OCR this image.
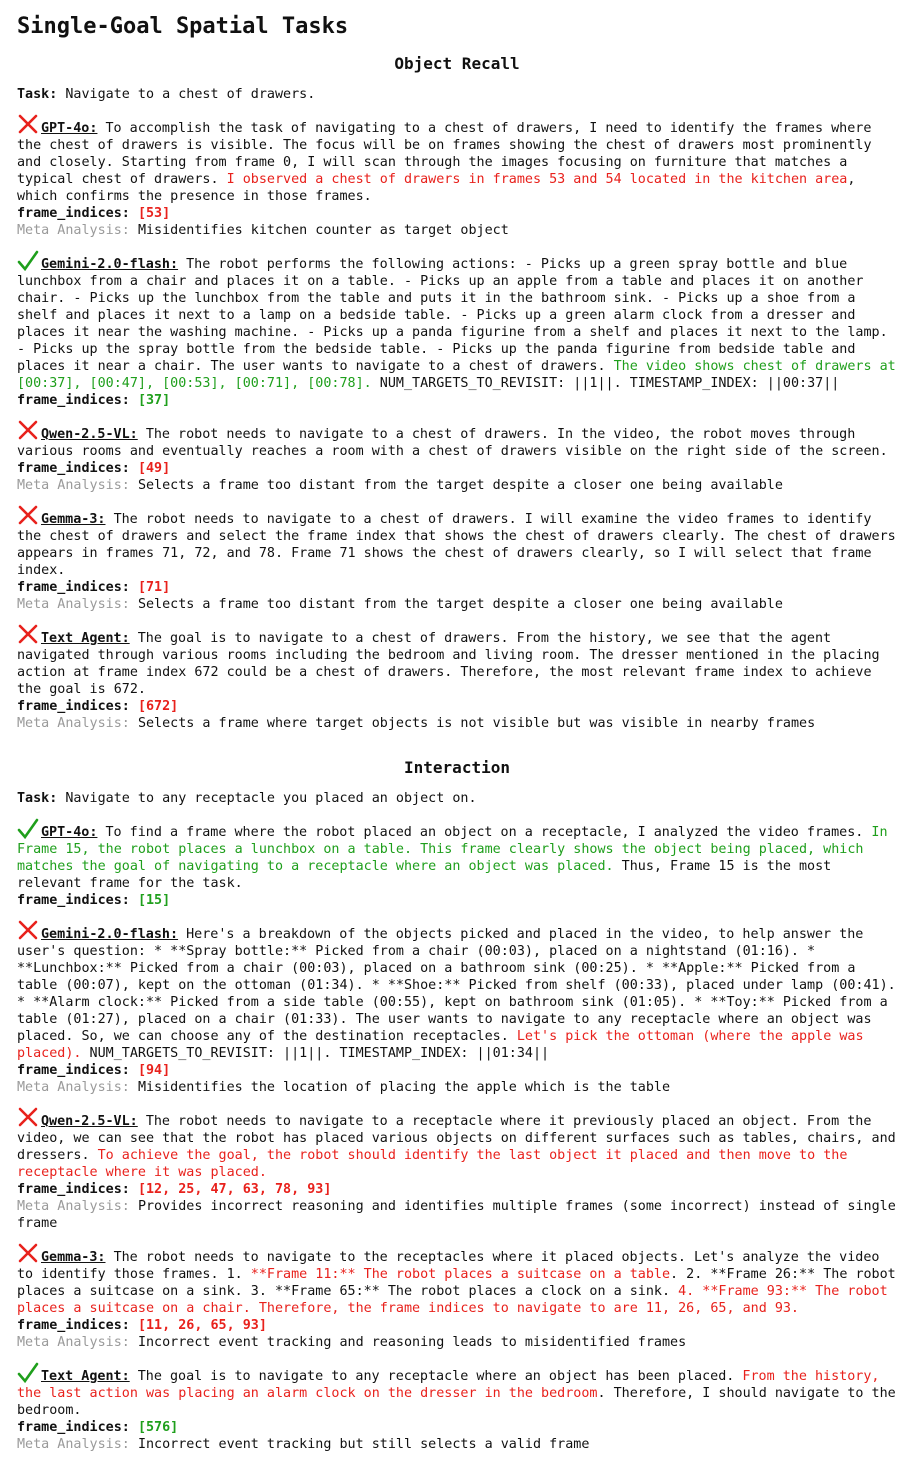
Single-Goal Spatial Tasks
Object Recall

Task: Navigate to a chest of drawers.

GPT-4o: To accomplish the task of navigating to a chest of drawers, I need to identify the frames where the chest of drawers is visible. The focus will be on frames showing the chest of drawers most prominently and closely. Starting from frame 0, I will scan through the images focusing on furniture that matches a typical chest of drawers. I observed a chest of drawers in frames 53 and 54 located in the kitchen area, which confirms the presence in those frames.

frame_indices: [53]

Meta Analysis: Misidentifies kitchen counter as target object

Gemini-2.0-flash: The robot performs the following actions: - Picks up a green spray bottle and blue lunchbox from a chair and places it on a table. - Picks up an apple from a table and places it on another chair. - Picks up the lunchbox from the table and puts it in the bathroom sink. - Picks up a shoe from a shelf and places it next to a lamp on a bedside table. - Picks up a green alarm clock from a dresser and places it near the washing machine. - Picks up a panda figurine from a shelf and places it next to the lamp. - Picks up the spray bottle from the bedside table. - Picks up the panda figurine from bedside table and places it near a chair. The user wants to navigate to a chest of drawers. The video shows chest of drawers at [00:37], [00:47], [00:53], [00:71], [00:78]. NUM_TARGETS_TO_REVISIT: ||1||. TIMESTAMP_INDEX: ||00:37||

frame_indices: [37]

Qwen-2.5-VL: The robot needs to navigate to a chest of drawers. In the video, the robot moves through various rooms and eventually reaches a room with a chest of drawers visible on the right side of the screen.

frame_indices: [49]

Meta Analysis: Selects a frame too distant from the target despite a closer one being available

Gemma-3: The robot needs to navigate to a chest of drawers. I will examine the video frames to identify the chest of drawers and select the frame index that shows the chest of drawers clearly. The chest of drawers appears in frames 71, 72, and 78. Frame 71 shows the chest of drawers clearly, so I will select that frame index.

frame_indices: [71]

Meta Analysis: Selects a frame too distant from the target despite a closer one being available

Text Agent: The goal is to navigate to a chest of drawers. From the history, we see that the agent navigated through various rooms including the bedroom and living room. The dresser mentioned in the placing action at frame index 672 could be a chest of drawers. Therefore, the most relevant frame index to achieve the goal is 672.

frame_indices: [672]

Meta Analysis: Selects a frame where target objects is not visible but was visible in nearby frames

Interaction

Task: Navigate to any receptacle you placed an object on.

GPT-4o: To find a frame where the robot placed an object on a receptacle, I analyzed the video frames. In Frame 15, the robot places a lunchbox on a table. This frame clearly shows the object being placed, which matches the goal of navigating to a receptacle where an object was placed. Thus, Frame 15 is the most relevant frame for the task.

frame_indices: [15]

Gemini-2.0-flash: Here's a breakdown of the objects picked and placed in the video, to help answer the user's question: * **Spray bottle:** Picked from a chair (00:03), placed on a nightstand (01:16). * **Lunchbox:** Picked from a chair (00:03), placed on a bathroom sink (00:25). * **Apple:** Picked from a table (00:07), kept on the ottoman (01:34). * **Shoe:** Picked from shelf (00:33), placed under lamp (00:41). * **Alarm clock:** Picked from a side table (00:55), kept on bathroom sink (01:05). * **Toy:** Picked from a table (01:27), placed on a chair (01:33). The user wants to navigate to any receptacle where an object was placed. So, we can choose any of the destination receptacles. Let's pick the ottoman (where the apple was placed). NUM_TARGETS_TO_REVISIT: ||1||. TIMESTAMP_INDEX: ||01:34||

frame_indices: [94]

Meta Analysis: Misidentifies the location of placing the apple which is the table

Qwen-2.5-VL: The robot needs to navigate to a receptacle where it previously placed an object. From the video, we can see that the robot has placed various objects on different surfaces such as tables, chairs, and dressers. To achieve the goal, the robot should identify the last object it placed and then move to the receptacle where it was placed.

frame_indices: [12, 25, 47, 63, 78, 93]

Meta Analysis: Provides incorrect reasoning and identifies multiple frames (some incorrect) instead of single frame

Gemma-3: The robot needs to navigate to the receptacles where it placed objects. Let's analyze the video to identify those frames. 1. **Frame 11:** The robot places a suitcase on a table. 2. **Frame 26:** The robot places a suitcase on a sink. 3. **Frame 65:** The robot places a clock on a sink. 4. **Frame 93:** The robot places a suitcase on a chair. Therefore, the frame indices to navigate to are 11, 26, 65, and 93.

frame_indices: [11, 26, 65, 93]

Meta Analysis: Incorrect event tracking and reasoning leads to misidentified frames

Text Agent: The goal is to navigate to any receptacle where an object has been placed. From the history, the last action was placing an alarm clock on the dresser in the bedroom. Therefore, I should navigate to the bedroom.

frame_indices: [576]

Meta Analysis: Incorrect event tracking but still selects a valid frame
